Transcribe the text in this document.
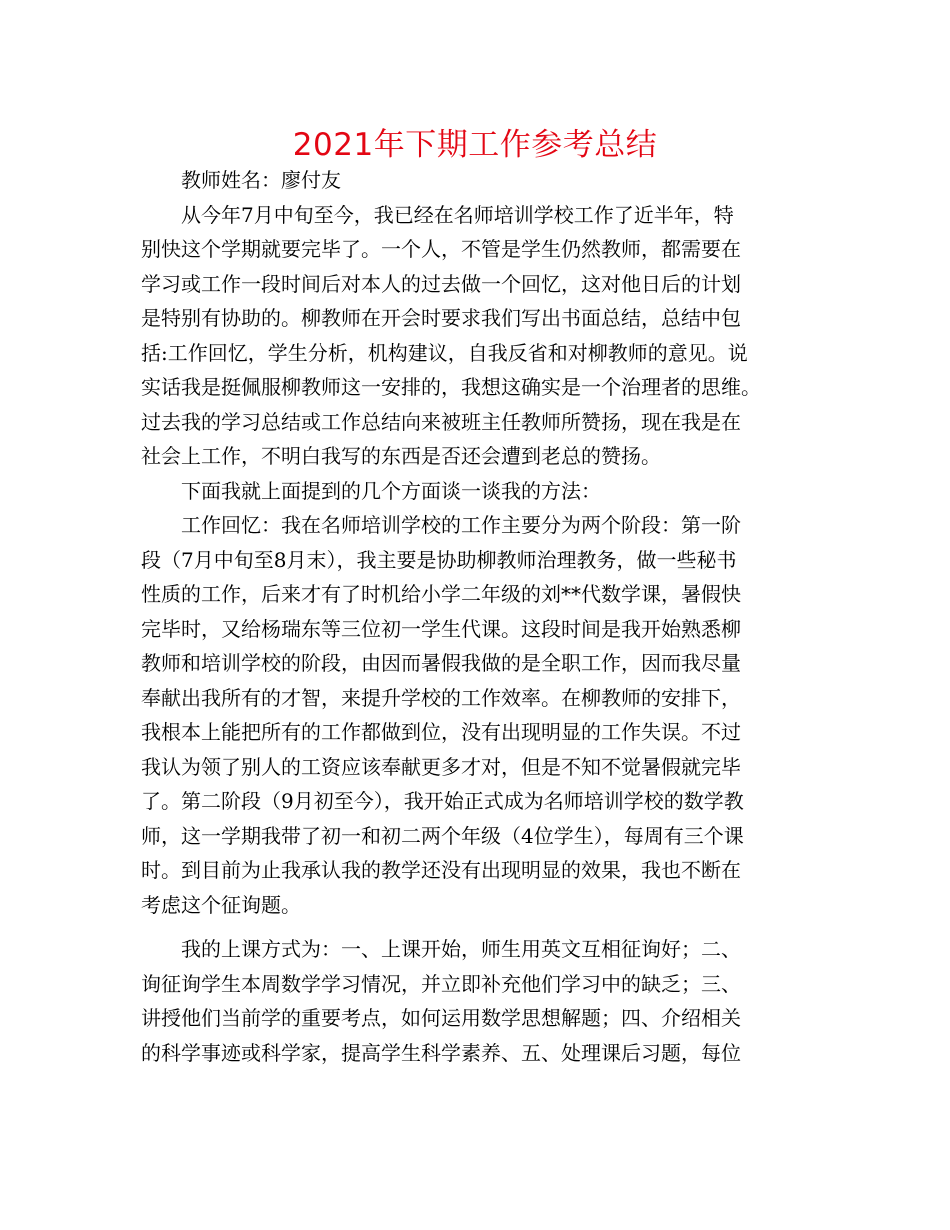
2021年下期工作参考总结
　　教师姓名：廖付友
　　从今年7月中旬至今，我已经在名师培训学校工作了近半年，特
别快这个学期就要完毕了。一个人，不管是学生仍然教师，都需要在
学习或工作一段时间后对本人的过去做一个回忆，这对他日后的计划
是特别有协助的。柳教师在开会时要求我们写出书面总结，总结中包
括:工作回忆，学生分析，机构建议，自我反省和对柳教师的意见。说
实话我是挺佩服柳教师这一安排的，我想这确实是一个治理者的思维。
过去我的学习总结或工作总结向来被班主任教师所赞扬，现在我是在
社会上工作，不明白我写的东西是否还会遭到老总的赞扬。
　　下面我就上面提到的几个方面谈一谈我的方法：
　　工作回忆：我在名师培训学校的工作主要分为两个阶段：第一阶
段（7月中旬至8月末），我主要是协助柳教师治理教务，做一些秘书
性质的工作，后来才有了时机给小学二年级的刘**代数学课，暑假快
完毕时，又给杨瑞东等三位初一学生代课。这段时间是我开始熟悉柳
教师和培训学校的阶段，由因而暑假我做的是全职工作，因而我尽量
奉献出我所有的才智，来提升学校的工作效率。在柳教师的安排下，
我根本上能把所有的工作都做到位，没有出现明显的工作失误。不过
我认为领了别人的工资应该奉献更多才对，但是不知不觉暑假就完毕
了。第二阶段（9月初至今），我开始正式成为名师培训学校的数学教
师，这一学期我带了初一和初二两个年级（4位学生），每周有三个课
时。到目前为止我承认我的教学还没有出现明显的效果，我也不断在
考虑这个征询题。
　　我的上课方式为：一、上课开始，师生用英文互相征询好；二、
询征询学生本周数学学习情况，并立即补充他们学习中的缺乏；三、
讲授他们当前学的重要考点，如何运用数学思想解题；四、介绍相关
的科学事迹或科学家，提高学生科学素养、五、处理课后习题，每位
